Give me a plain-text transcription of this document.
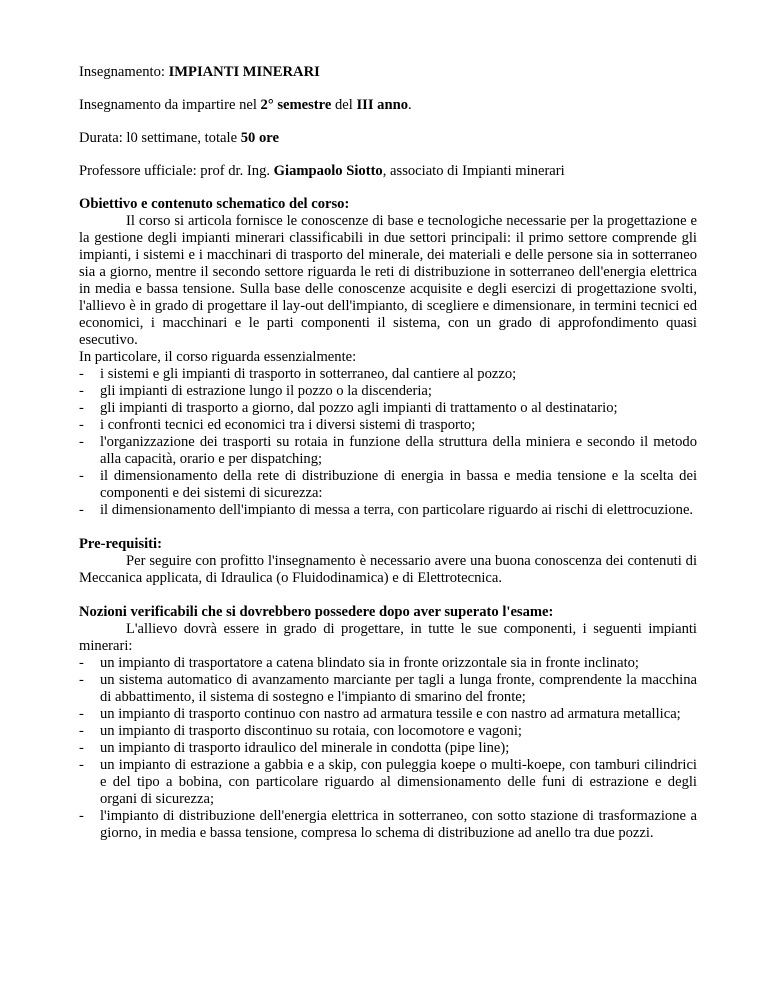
Insegnamento: IMPIANTI MINERARI

Insegnamento da impartire nel 2° semestre del III anno.

Durata: l0 settimane, totale 50 ore

Professore ufficiale: prof dr. Ing. Giampaolo Siotto, associato di Impianti minerari

Obiettivo e contenuto schematico del corso:

Il corso si articola fornisce le conoscenze di base e tecnologiche necessarie per la progettazione e la gestione degli impianti minerari classificabili in due settori principali: il primo settore comprende gli impianti, i sistemi e i macchinari di trasporto del minerale, dei materiali e delle persone sia in sotterraneo sia a giorno, mentre il secondo settore riguarda le reti di distribuzione in sotterraneo dell'energia elettrica in media e bassa tensione. Sulla base delle conoscenze acquisite e degli esercizi di progettazione svolti, l'allievo è in grado di progettare il lay-out dell'impianto, di scegliere e dimensionare, in termini tecnici ed economici, i macchinari e le parti componenti il sistema, con un grado di approfondimento quasi esecutivo.

In particolare, il corso riguarda essenzialmente:

- i sistemi e gli impianti di trasporto in sotterraneo, dal cantiere al pozzo;
- gli impianti di estrazione lungo il pozzo o la discenderia;
- gli impianti di trasporto a giorno, dal pozzo agli impianti di trattamento o al destinatario;
- i confronti tecnici ed economici tra i diversi sistemi di trasporto;
- l'organizzazione dei trasporti su rotaia in funzione della struttura della miniera e secondo il metodo alla capacità, orario e per dispatching;
- il dimensionamento della rete di distribuzione di energia in bassa e media tensione e la scelta dei componenti e dei sistemi di sicurezza:
- il dimensionamento dell'impianto di messa a terra, con particolare riguardo ai rischi di elettrocuzione.

Pre-requisiti:

Per seguire con profitto l'insegnamento è necessario avere una buona conoscenza dei contenuti di Meccanica applicata, di Idraulica (o Fluidodinamica) e di Elettrotecnica.

Nozioni verificabili che si dovrebbero possedere dopo aver superato l'esame:

L'allievo dovrà essere in grado di progettare, in tutte le sue componenti, i seguenti impianti minerari:

- un impianto di trasportatore a catena blindato sia in fronte orizzontale sia in fronte inclinato;
- un sistema automatico di avanzamento marciante per tagli a lunga fronte, comprendente la macchina di abbattimento, il sistema di sostegno e l'impianto di smarino del fronte;
- un impianto di trasporto continuo con nastro ad armatura tessile e con nastro ad armatura metallica;
- un impianto di trasporto discontinuo su rotaia, con locomotore e vagoni;
- un impianto di trasporto idraulico del minerale in condotta (pipe line);
- un impianto di estrazione a gabbia e a skip, con puleggia koepe o multi-koepe, con tamburi cilindrici e del tipo a bobina, con particolare riguardo al dimensionamento delle funi di estrazione e degli organi di sicurezza;
- l'impianto di distribuzione dell'energia elettrica in sotterraneo, con sotto stazione di trasformazione a giorno, in media e bassa tensione, compresa lo schema di distribuzione ad anello tra due pozzi.
